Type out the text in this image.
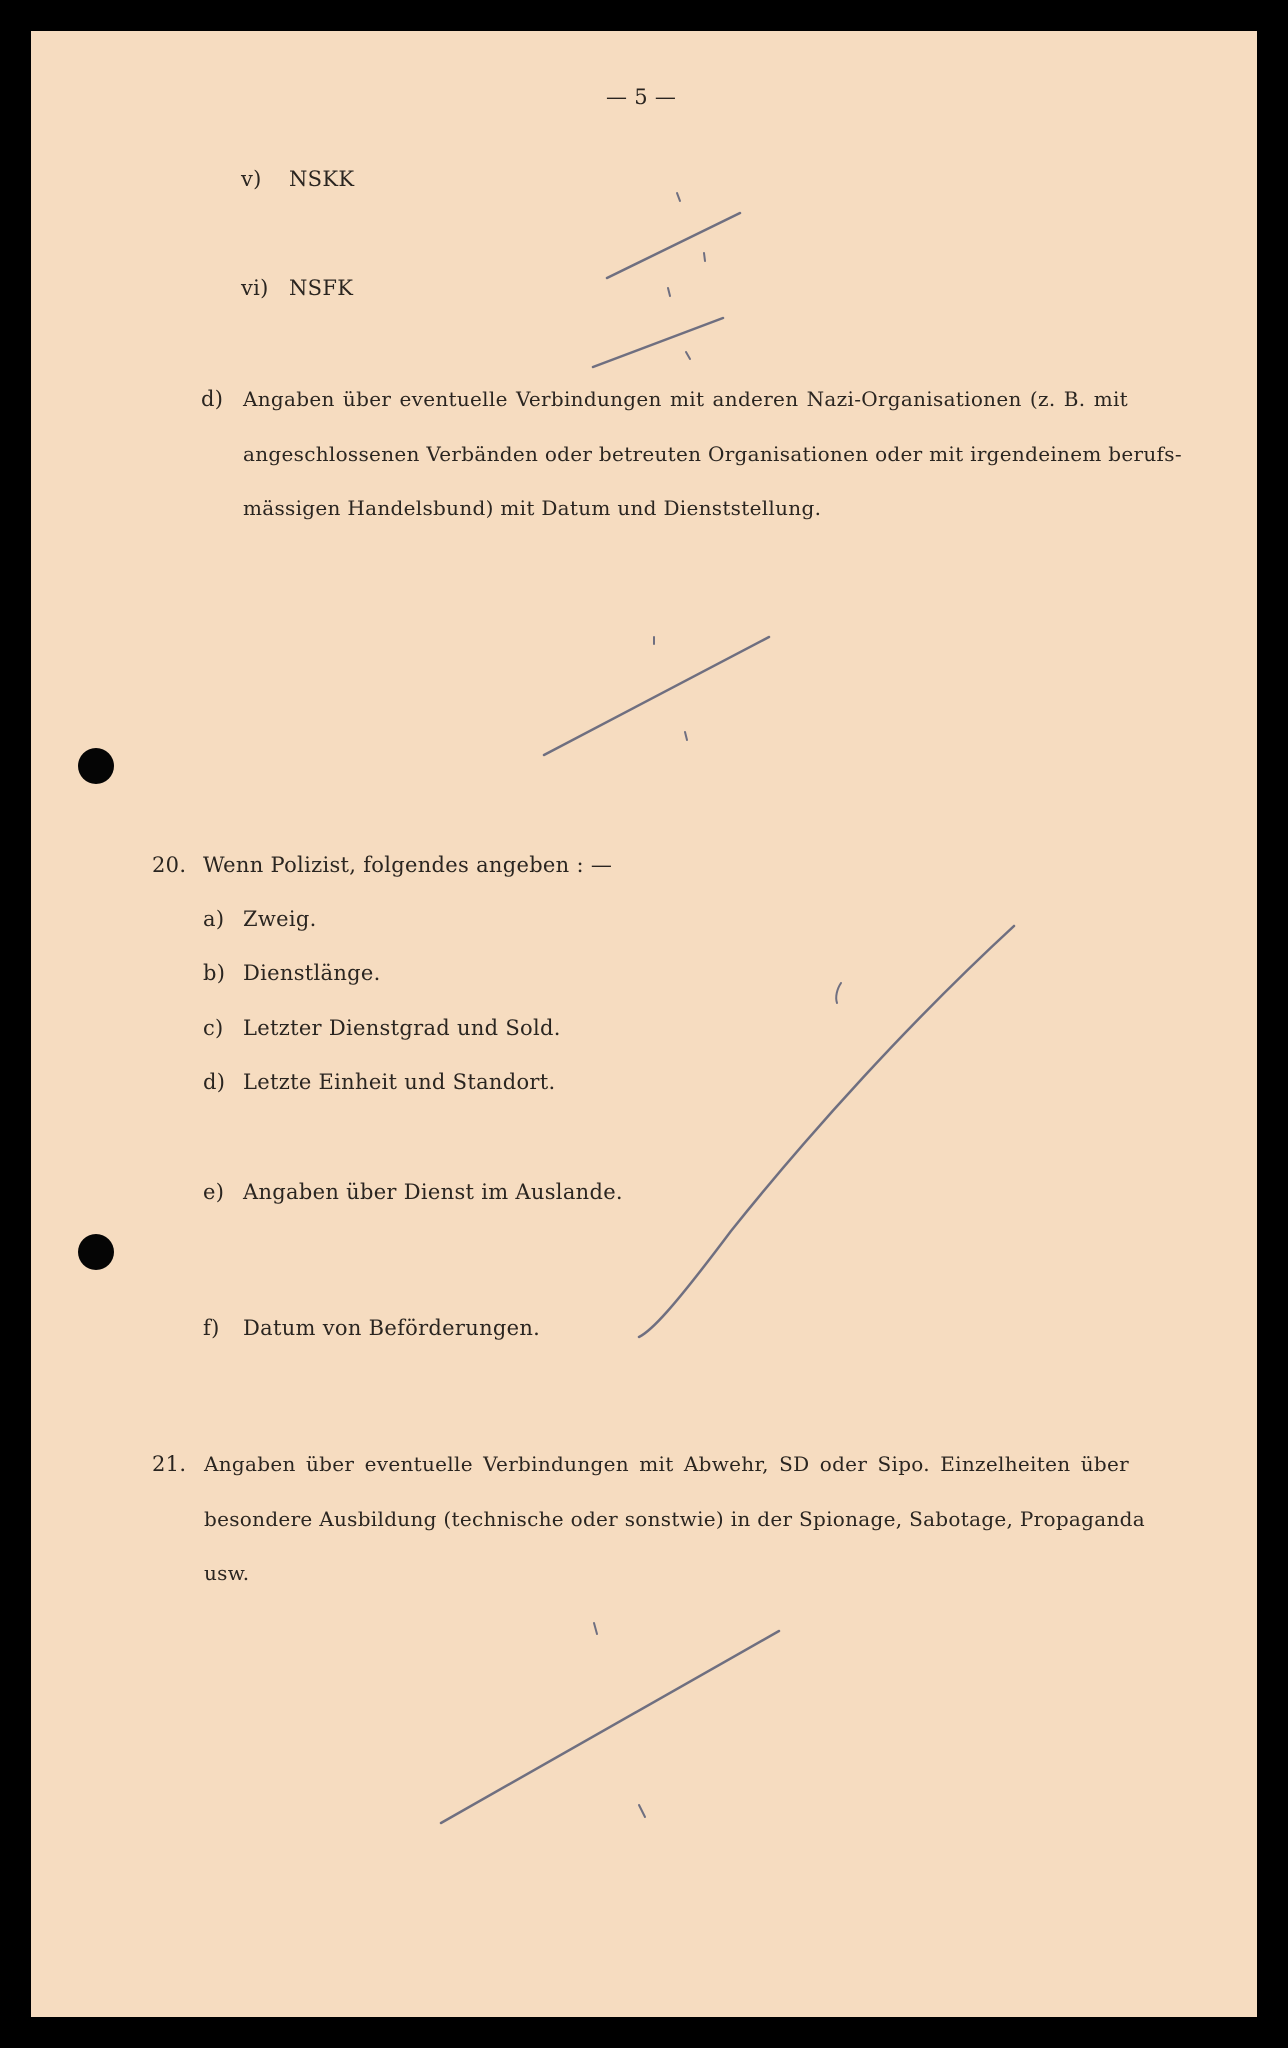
— 5 —
v) NSKK
vi) NSFK
d) Angaben über eventuelle Verbindungen mit anderen Nazi-Organisationen (z. B. mit
angeschlossenen Verbänden oder betreuten Organisationen oder mit irgendeinem berufs-
mässigen Handelsbund) mit Datum und Dienststellung.
20. Wenn Polizist, folgendes angeben : —
a) Zweig.
b) Dienstlänge.
c) Letzter Dienstgrad und Sold.
d) Letzte Einheit und Standort.
e) Angaben über Dienst im Auslande.
f) Datum von Beförderungen.
21. Angaben über eventuelle Verbindungen mit Abwehr, SD oder Sipo. Einzelheiten über
besondere Ausbildung (technische oder sonstwie) in der Spionage, Sabotage, Propaganda
usw.
